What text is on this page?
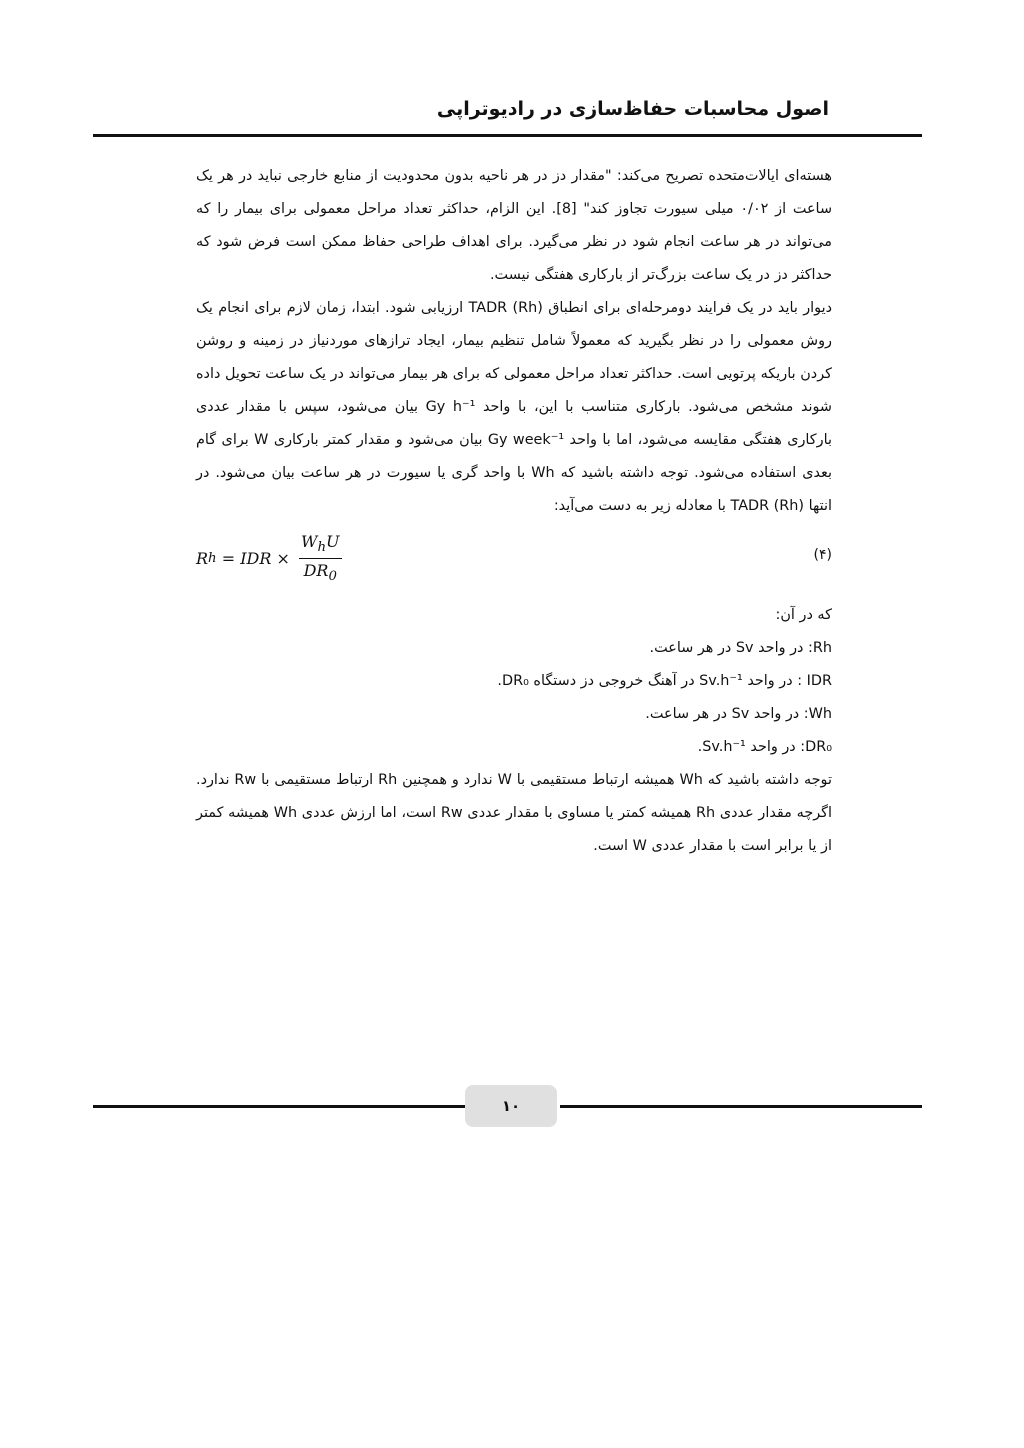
اصول محاسبات حفاظ‌سازی در رادیوتراپی

هسته‌ای ایالات‌متحده تصریح می‌کند: "مقدار دز در هر ناحیه بدون محدودیت از منابع خارجی نباید در هر یک ساعت از ۰/۰۲ میلی سیورت تجاوز کند" [8]. این الزام، حداکثر تعداد مراحل معمولی برای بیمار را که می‌تواند در هر ساعت انجام شود در نظر می‌گیرد. برای اهداف طراحی حفاظ ممکن است فرض شود که حداکثر دز در یک ساعت بزرگ‌تر از بارکاری هفتگی نیست.

دیوار باید در یک فرایند دومرحله‌ای برای انطباق TADR (Rh) ارزیابی شود. ابتدا، زمان لازم برای انجام یک روش معمولی را در نظر بگیرید که معمولاً شامل تنظیم بیمار، ایجاد ترازهای موردنیاز در زمینه و روشن کردن باریکه پرتویی است. حداکثر تعداد مراحل معمولی که برای هر بیمار می‌تواند در یک ساعت تحویل داده شوند مشخص می‌شود. بارکاری متناسب با این، با واحد Gy h⁻¹ بیان می‌شود، سپس با مقدار عددی بارکاری هفتگی مقایسه می‌شود، اما با واحد Gy week⁻¹ بیان می‌شود و مقدار کمتر بارکاری W برای گام بعدی استفاده می‌شود. توجه داشته باشید که Wh با واحد گری یا سیورت در هر ساعت بیان می‌شود. در انتها TADR (Rh) با معادله زیر به دست می‌آید:

R h = IDR × $\frac{W_hU}{DR_0}$	(۴)

که در آن:

Rh: در واحد Sv در هر ساعت.

IDR : در واحد Sv.h⁻¹ در آهنگ خروجی دز دستگاه DR₀.

Wh: در واحد Sv در هر ساعت.

DR₀: در واحد Sv.h⁻¹.

توجه داشته باشید که Wh همیشه ارتباط مستقیمی با W ندارد و همچنین Rh ارتباط مستقیمی با Rw ندارد. اگرچه مقدار عددی Rh همیشه کمتر یا مساوی با مقدار عددی Rw است، اما ارزش عددی Wh همیشه کمتر از یا برابر است با مقدار عددی W است.

۱۰
